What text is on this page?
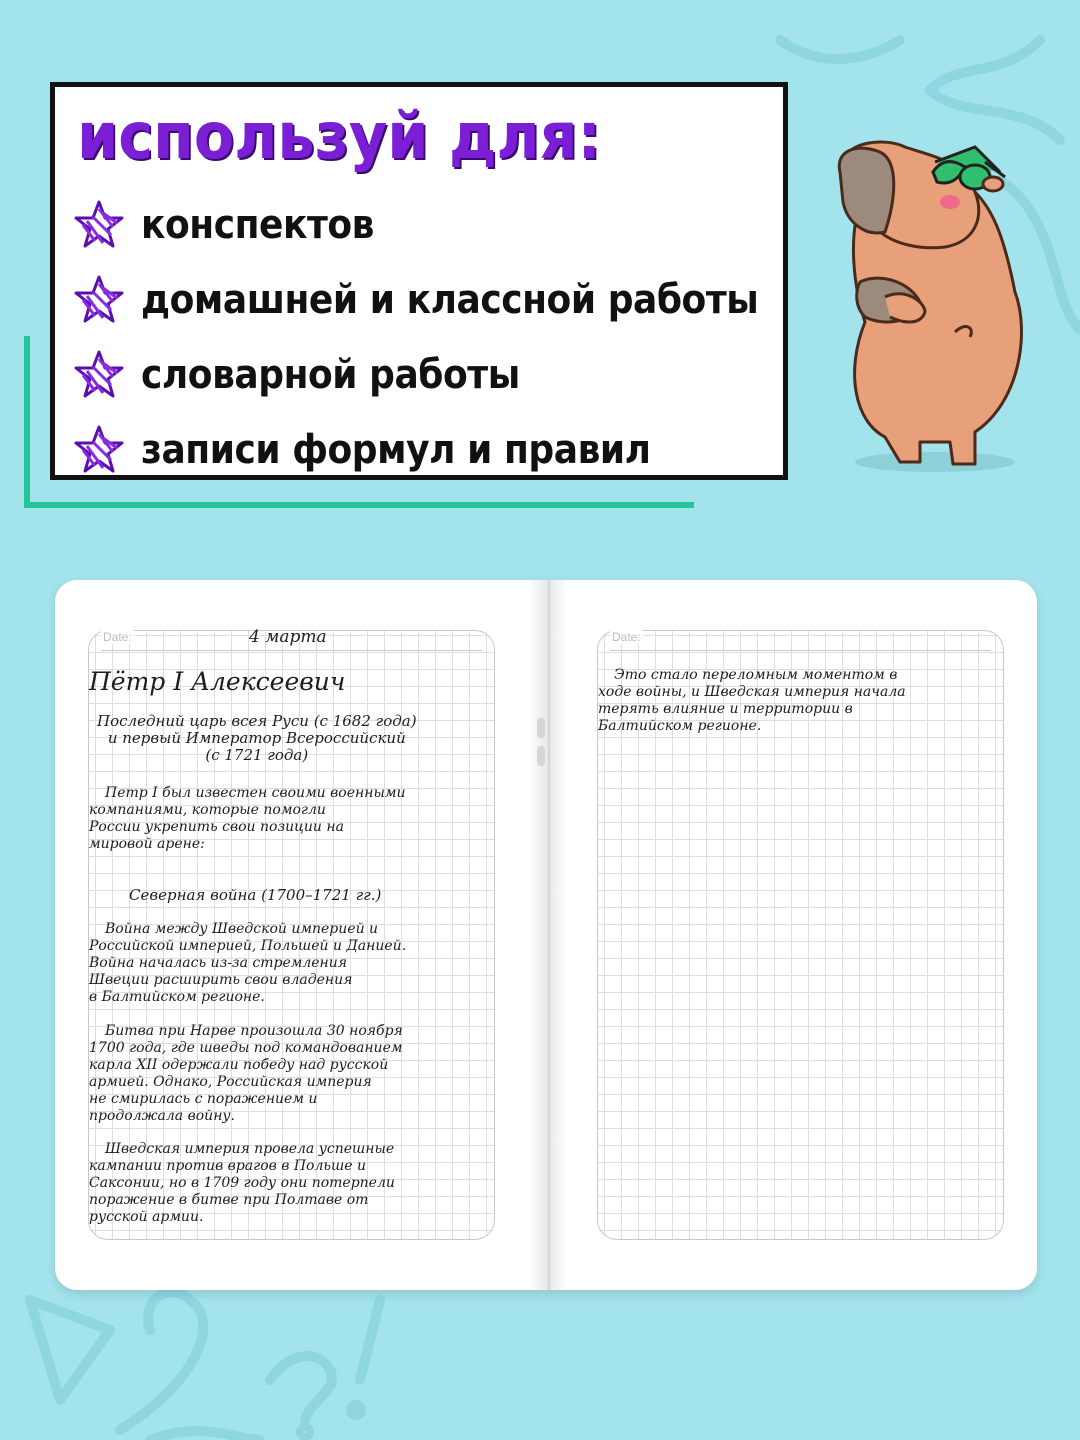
используй для:
конспектов
домашней и классной работы
словарной работы
записи формул и правил
Date:	4 марта

Пётр I Алексеевич

Последний царь всея Руси (с 1682 года)
и первый Император Всероссийский
(с 1721 года)

Петр I был известен своими военными
компаниями, которые помогли
России укрепить свои позиции на
мировой арене:

Северная война (1700–1721 гг.)

Война между Шведской империей и
Российской империей, Польшей и Данией.
Война началась из-за стремления
Швеции расширить свои владения
в Балтийском регионе.

Битва при Нарве произошла 30 ноября
1700 года, где шведы под командованием
карла XII одержали победу над русской
армией. Однако, Российская империя
не смирилась с поражением и
продолжала войну.

Шведская империя провела успешные
кампании против врагов в Польше и
Саксонии, но в 1709 году они потерпели
поражение в битве при Полтаве от
русской армии.

Date:

Это стало переломным моментом в
ходе войны, и Шведская империя начала
терять влияние и территории в
Балтийском регионе.
